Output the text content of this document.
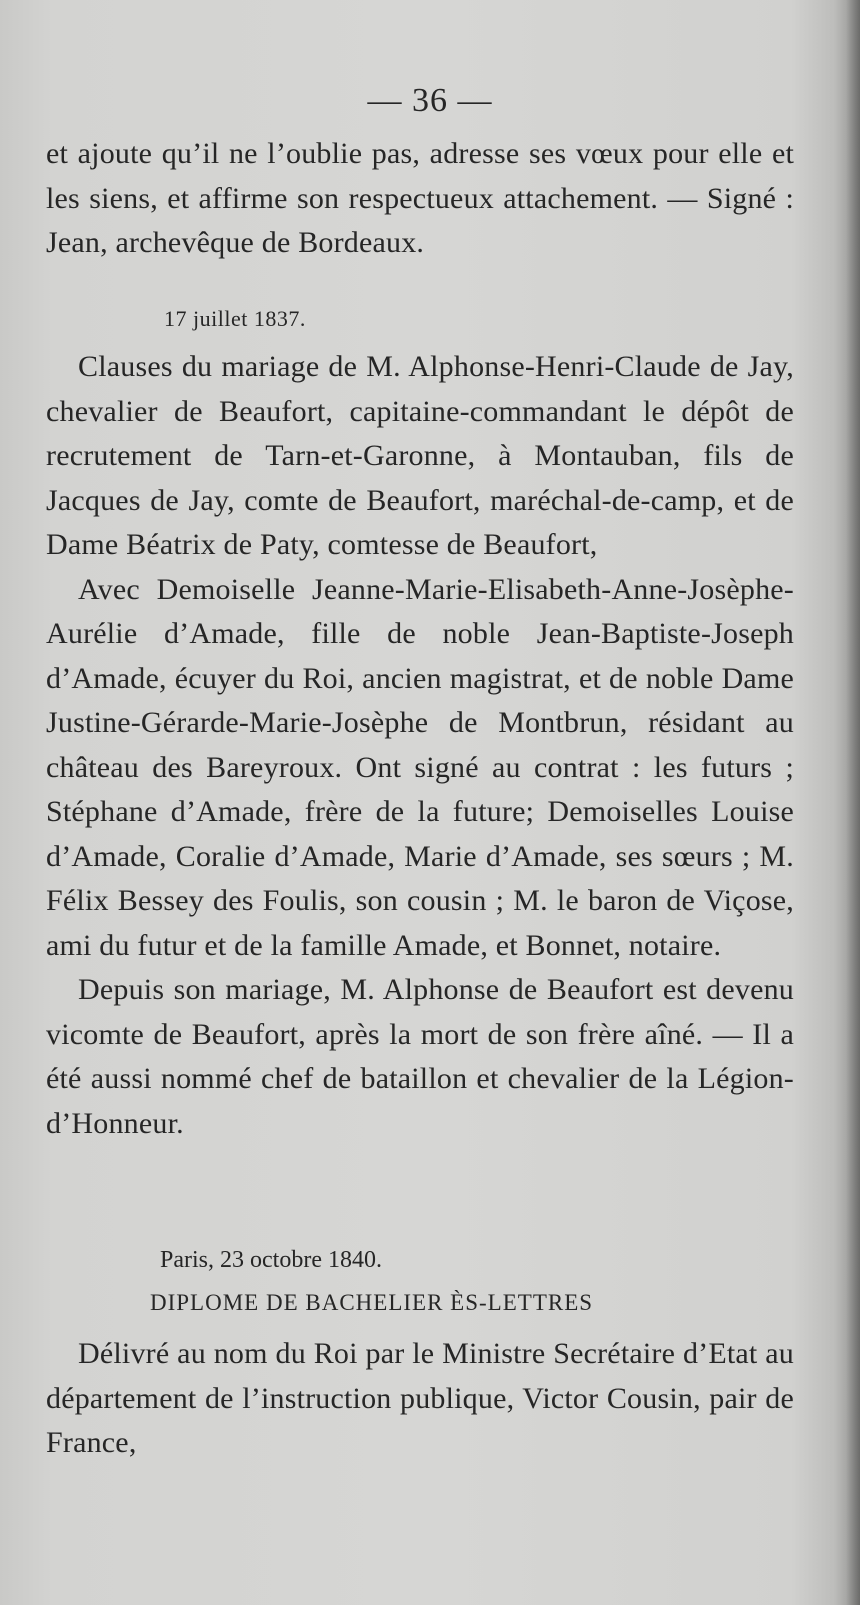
— 36 —

et ajoute qu’il ne l’oublie pas, adresse ses vœux pour elle et les siens, et affirme son respectueux attachement. — Signé : Jean, archevêque de Bordeaux.

17 juillet 1837.

Clauses du mariage de M. Alphonse-Henri-Claude de Jay, chevalier de Beaufort, capitaine-commandant le dépôt de recrutement de Tarn-et-Garonne, à Montauban, fils de Jacques de Jay, comte de Beaufort, maréchal-de-camp, et de Dame Béatrix de Paty, comtesse de Beaufort,

Avec Demoiselle Jeanne-Marie-Elisabeth-Anne-Josèphe-Aurélie d’Amade, fille de noble Jean-Baptiste-Joseph d’Amade, écuyer du Roi, ancien magistrat, et de noble Dame Justine-Gérarde-Marie-Josèphe de Montbrun, résidant au château des Bareyroux. Ont signé au contrat : les futurs ; Stéphane d’Amade, frère de la future; Demoiselles Louise d’Amade, Coralie d’Amade, Marie d’Amade, ses sœurs ; M. Félix Bessey des Foulis, son cousin ; M. le baron de Viçose, ami du futur et de la famille Amade, et Bonnet, notaire.

Depuis son mariage, M. Alphonse de Beaufort est devenu vicomte de Beaufort, après la mort de son frère aîné. — Il a été aussi nommé chef de bataillon et chevalier de la Légion-d’Honneur.

Paris, 23 octobre 1840.
DIPLOME DE BACHELIER ÈS-LETTRES

Délivré au nom du Roi par le Ministre Secrétaire d’Etat au département de l’instruction publique, Victor Cousin, pair de France,
